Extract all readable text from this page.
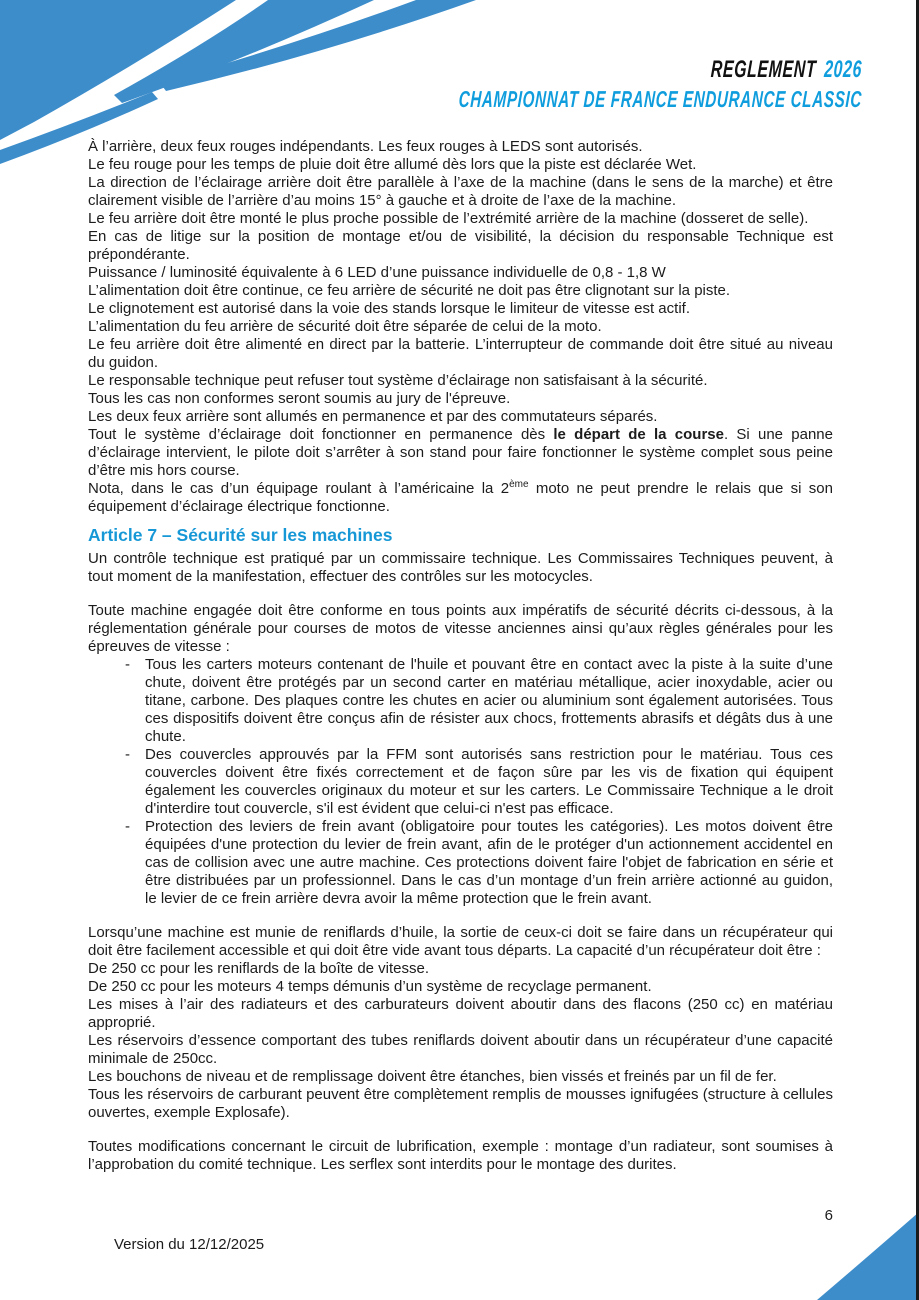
REGLEMENT 2026
CHAMPIONNAT DE FRANCE ENDURANCE CLASSIC

À l’arrière, deux feux rouges indépendants. Les feux rouges à LEDS sont autorisés.

Le feu rouge pour les temps de pluie doit être allumé dès lors que la piste est déclarée Wet.

La direction de l’éclairage arrière doit être parallèle à l’axe de la machine (dans le sens de la marche) et être clairement visible de l’arrière d’au moins 15° à gauche et à droite de l’axe de la machine.

Le feu arrière doit être monté le plus proche possible de l’extrémité arrière de la machine (dosseret de selle).

En cas de litige sur la position de montage et/ou de visibilité, la décision du responsable Technique est prépondérante.

Puissance / luminosité équivalente à 6 LED d’une puissance individuelle de 0,8 - 1,8 W

L’alimentation doit être continue, ce feu arrière de sécurité ne doit pas être clignotant sur la piste.

Le clignotement est autorisé dans la voie des stands lorsque le limiteur de vitesse est actif.

L’alimentation du feu arrière de sécurité doit être séparée de celui de la moto.

Le feu arrière doit être alimenté en direct par la batterie. L’interrupteur de commande doit être situé au niveau du guidon.

Le responsable technique peut refuser tout système d’éclairage non satisfaisant à la sécurité.

Tous les cas non conformes seront soumis au jury de l'épreuve.

Les deux feux arrière sont allumés en permanence et par des commutateurs séparés.

Tout le système d’éclairage doit fonctionner en permanence dès le départ de la course. Si une panne d’éclairage intervient, le pilote doit s’arrêter à son stand pour faire fonctionner le système complet sous peine d’être mis hors course.

Nota, dans le cas d’un équipage roulant à l’américaine la 2ème moto ne peut prendre le relais que si son équipement d’éclairage électrique fonctionne.

Article 7 – Sécurité sur les machines

Un contrôle technique est pratiqué par un commissaire technique. Les Commissaires Techniques peuvent, à tout moment de la manifestation, effectuer des contrôles sur les motocycles.

Toute machine engagée doit être conforme en tous points aux impératifs de sécurité décrits ci-dessous, à la réglementation générale pour courses de motos de vitesse anciennes ainsi qu’aux règles générales pour les épreuves de vitesse :

-	Tous les carters moteurs contenant de l'huile et pouvant être en contact avec la piste à la suite d’une chute, doivent être protégés par un second carter en matériau métallique, acier inoxydable, acier ou titane, carbone. Des plaques contre les chutes en acier ou aluminium sont également autorisées. Tous ces dispositifs doivent être conçus afin de résister aux chocs, frottements abrasifs et dégâts dus à une chute.
-	Des couvercles approuvés par la FFM sont autorisés sans restriction pour le matériau. Tous ces couvercles doivent être fixés correctement et de façon sûre par les vis de fixation qui équipent également les couvercles originaux du moteur et sur les carters. Le Commissaire Technique a le droit d'interdire tout couvercle, s'il est évident que celui-ci n'est pas efficace.
-	Protection des leviers de frein avant (obligatoire pour toutes les catégories). Les motos doivent être équipées d'une protection du levier de frein avant, afin de le protéger d'un actionnement accidentel en cas de collision avec une autre machine. Ces protections doivent faire l'objet de fabrication en série et être distribuées par un professionnel. Dans le cas d’un montage d’un frein arrière actionné au guidon, le levier de ce frein arrière devra avoir la même protection que le frein avant.

Lorsqu’une machine est munie de reniflards d’huile, la sortie de ceux-ci doit se faire dans un récupérateur qui doit être facilement accessible et qui doit être vide avant tous départs. La capacité d’un récupérateur doit être :

De 250 cc pour les reniflards de la boîte de vitesse.

De 250 cc pour les moteurs 4 temps démunis d’un système de recyclage permanent.

Les mises à l’air des radiateurs et des carburateurs doivent aboutir dans des flacons (250 cc) en matériau approprié.

Les réservoirs d’essence comportant des tubes reniflards doivent aboutir dans un récupérateur d’une capacité minimale de 250cc.

Les bouchons de niveau et de remplissage doivent être étanches, bien vissés et freinés par un fil de fer.

Tous les réservoirs de carburant peuvent être complètement remplis de mousses ignifugées (structure à cellules ouvertes, exemple Explosafe).

Toutes modifications concernant le circuit de lubrification, exemple : montage d’un radiateur, sont soumises à l’approbation du comité technique. Les serflex sont interdits pour le montage des durites.

6
Version du 12/12/2025
